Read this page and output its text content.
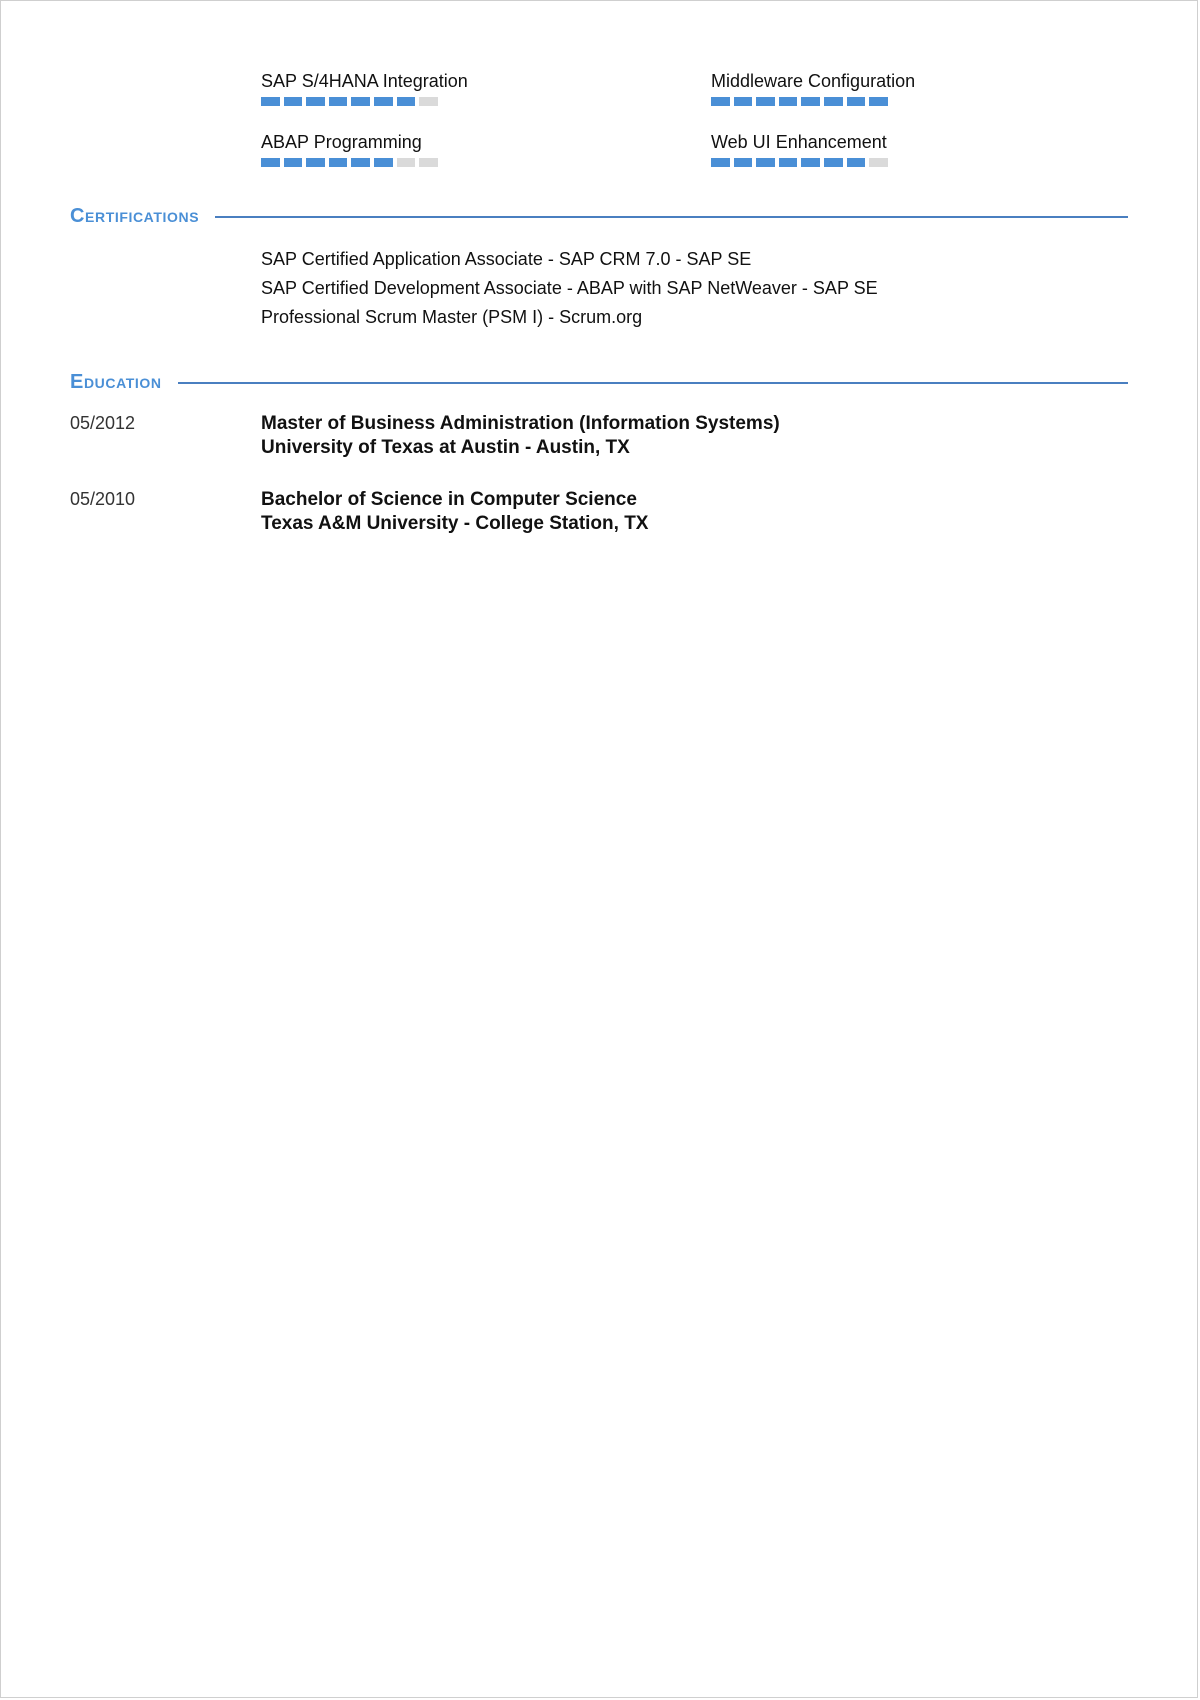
SAP S/4HANA Integration	Middleware Configuration
ABAP Programming	Web UI Enhancement
Certifications
SAP Certified Application Associate - SAP CRM 7.0 - SAP SE
SAP Certified Development Associate - ABAP with SAP NetWeaver - SAP SE
Professional Scrum Master (PSM I) - Scrum.org
Education
05/2012	Master of Business Administration (Information Systems)
University of Texas at Austin - Austin, TX
05/2010	Bachelor of Science in Computer Science
Texas A&M University - College Station, TX
